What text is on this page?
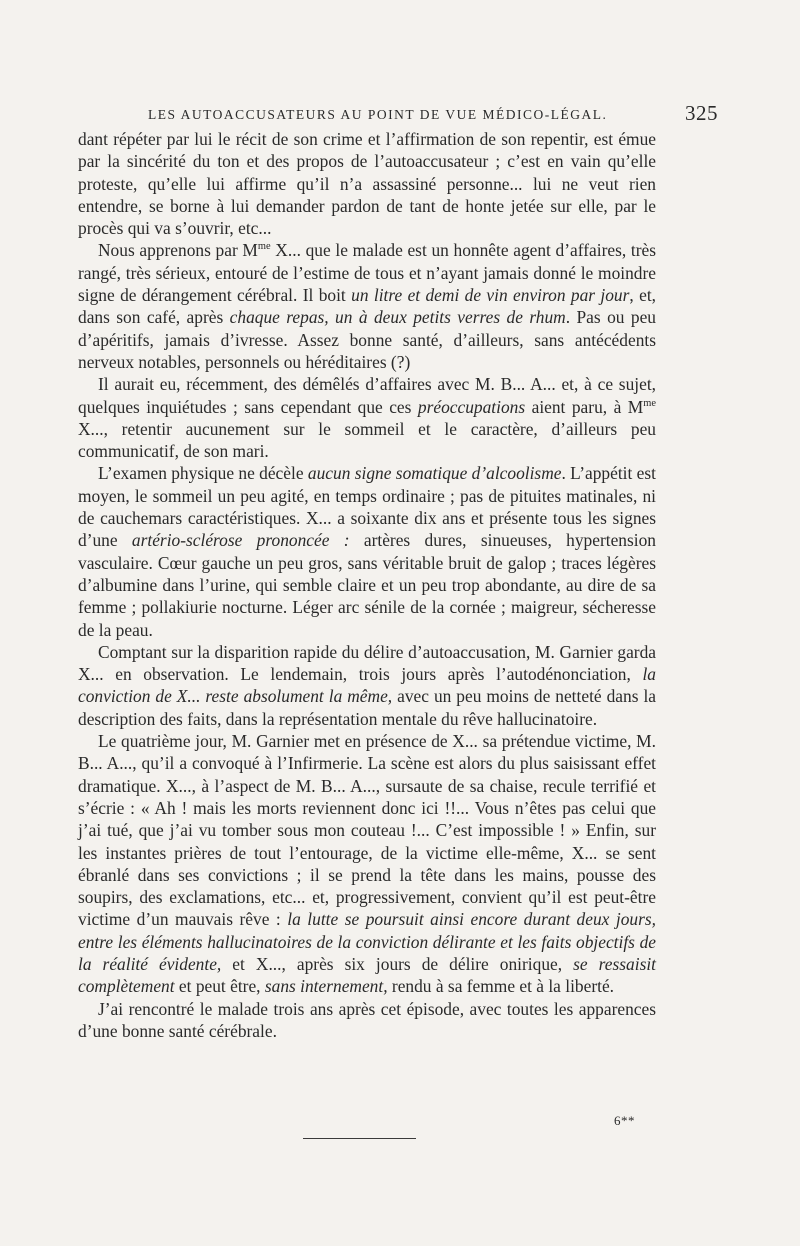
LES AUTOACCUSATEURS AU POINT DE VUE MÉDICO-LÉGAL.	325

dant répéter par lui le récit de son crime et l’affirmation de son repentir, est émue par la sincérité du ton et des propos de l’autoaccusateur ; c’est en vain qu’elle proteste, qu’elle lui affirme qu’il n’a assassiné personne... lui ne veut rien entendre, se borne à lui demander pardon de tant de honte jetée sur elle, par le procès qui va s’ouvrir, etc...

Nous apprenons par $M^{me}$ X... que le malade est un honnête agent d’affaires, très rangé, très sérieux, entouré de l’estime de tous et n’ayant jamais donné le moindre signe de dérangement cérébral. Il boit un litre et demi de vin environ par jour, et, dans son café, après chaque repas, un à deux petits verres de rhum. Pas ou peu d’apéritifs, jamais d’ivresse. Assez bonne santé, d’ailleurs, sans antécédents nerveux notables, personnels ou héréditaires (?)

Il aurait eu, récemment, des démêlés d’affaires avec M. B... A... et, à ce sujet, quelques inquiétudes ; sans cependant que ces préoccupations aient paru, à $M^{me}$ X..., retentir aucunement sur le sommeil et le caractère, d’ailleurs peu communicatif, de son mari.

L’examen physique ne décèle aucun signe somatique d’alcoolisme. L’appétit est moyen, le sommeil un peu agité, en temps ordinaire ; pas de pituites matinales, ni de cauchemars caractéristiques. X... a soixante dix ans et présente tous les signes d’une artério-sclérose prononcée : artères dures, sinueuses, hypertension vasculaire. Cœur gauche un peu gros, sans véritable bruit de galop ; traces légères d’albumine dans l’urine, qui semble claire et un peu trop abondante, au dire de sa femme ; pollakiurie nocturne. Léger arc sénile de la cornée ; maigreur, sécheresse de la peau.

Comptant sur la disparition rapide du délire d’autoaccusation, M. Garnier garda X... en observation. Le lendemain, trois jours après l’autodénonciation, la conviction de X... reste absolument la même, avec un peu moins de netteté dans la description des faits, dans la représentation mentale du rêve hallucinatoire.

Le quatrième jour, M. Garnier met en présence de X... sa prétendue victime, M. B... A..., qu’il a convoqué à l’Infirmerie. La scène est alors du plus saisissant effet dramatique. X..., à l’aspect de M. B... A..., sursaute de sa chaise, recule terrifié et s’écrie : « Ah ! mais les morts reviennent donc ici !!... Vous n’êtes pas celui que j’ai tué, que j’ai vu tomber sous mon couteau !... C’est impossible ! » Enfin, sur les instantes prières de tout l’entourage, de la victime elle-même, X... se sent ébranlé dans ses convictions ; il se prend la tête dans les mains, pousse des soupirs, des exclamations, etc... et, progressivement, convient qu’il est peut-être victime d’un mauvais rêve : la lutte se poursuit ainsi encore durant deux jours, entre les éléments hallucinatoires de la conviction délirante et les faits objectifs de la réalité évidente, et X..., après six jours de délire onirique, se ressaisit complètement et peut être, sans internement, rendu à sa femme et à la liberté.

J’ai rencontré le malade trois ans après cet épisode, avec toutes les apparences d’une bonne santé cérébrale.

6**
